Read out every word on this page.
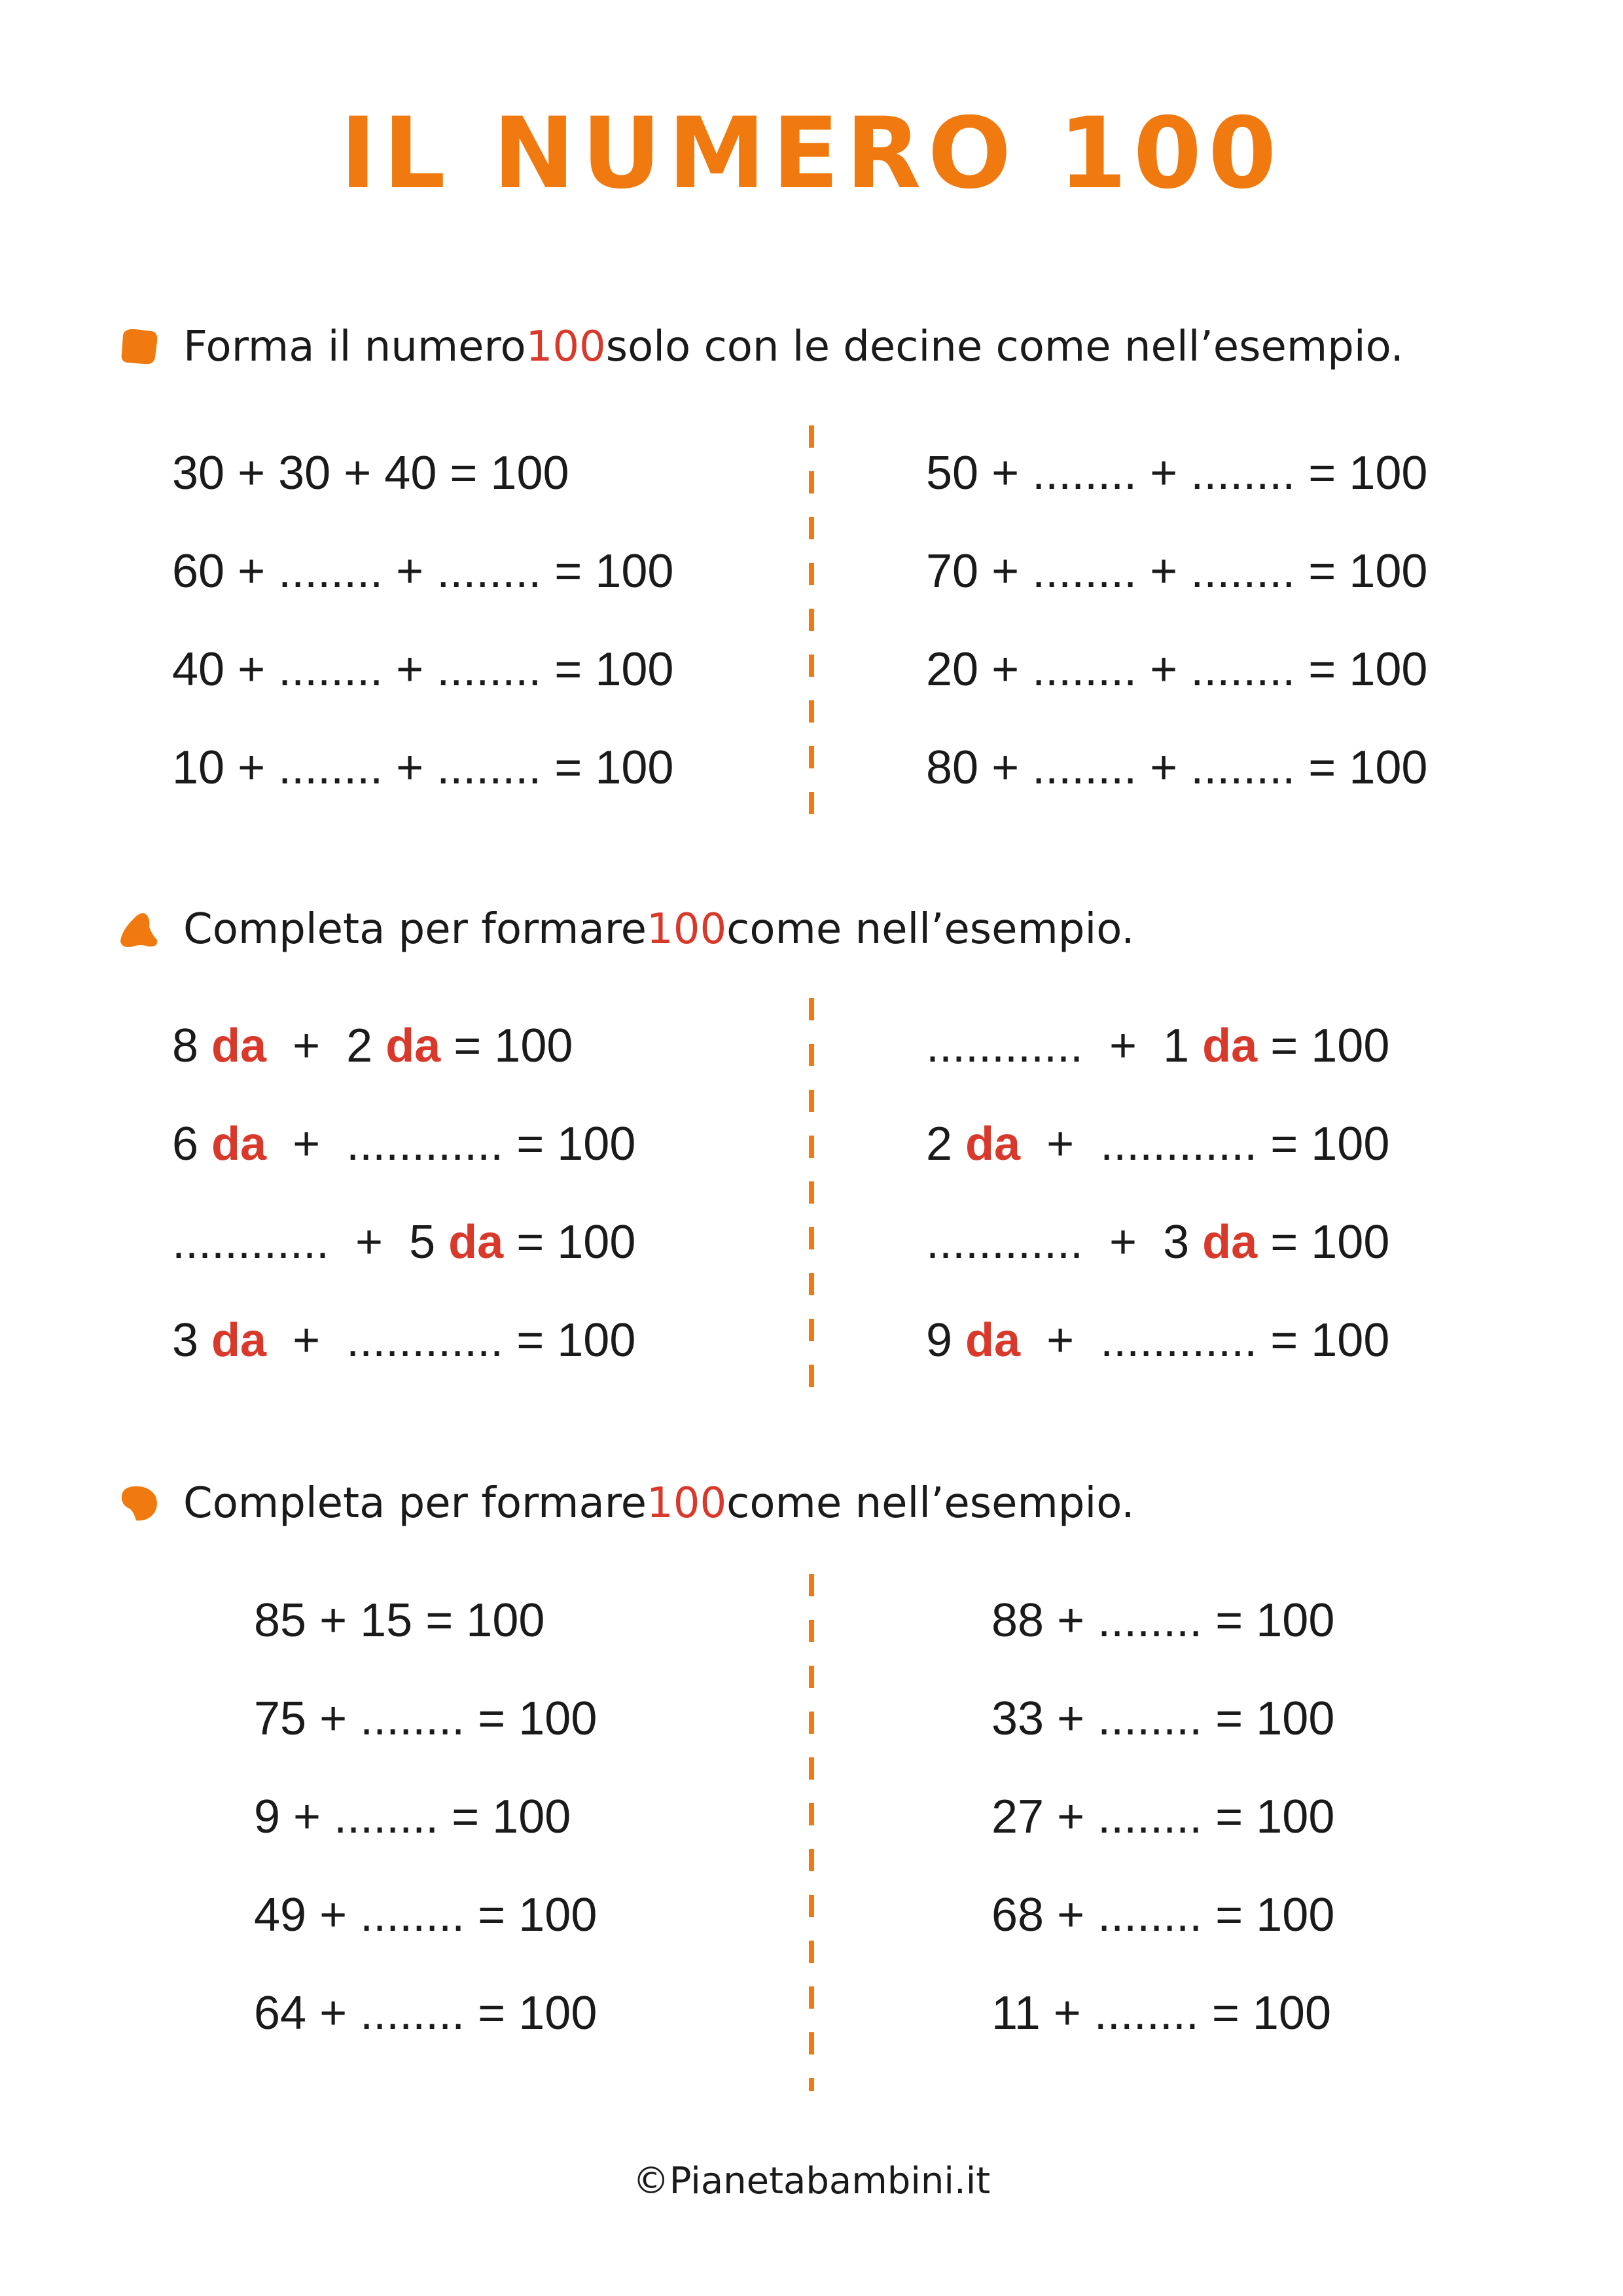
IL NUMERO 100
Forma il numero 100 solo con le decine come nell’esempio.
30 + 30 + 40 = 100
60 + ........ + ........ = 100
40 + ........ + ........ = 100
10 + ........ + ........ = 100
50 + ........ + ........ = 100
70 + ........ + ........ = 100
20 + ........ + ........ = 100
80 + ........ + ........ = 100
Completa per formare 100 come nell’esempio.
8 da  +  2 da = 100
6 da  +  ............ = 100
............  +  5 da = 100
3 da  +  ............ = 100
............  +  1 da = 100
2 da  +  ............ = 100
............  +  3 da = 100
9 da  +  ............ = 100
Completa per formare 100 come nell’esempio.
85 + 15 = 100
75 + ........ = 100
9 + ........ = 100
49 + ........ = 100
64 + ........ = 100
88 + ........ = 100
33 + ........ = 100
27 + ........ = 100
68 + ........ = 100
11 + ........ = 100
©Pianetabambini.it
